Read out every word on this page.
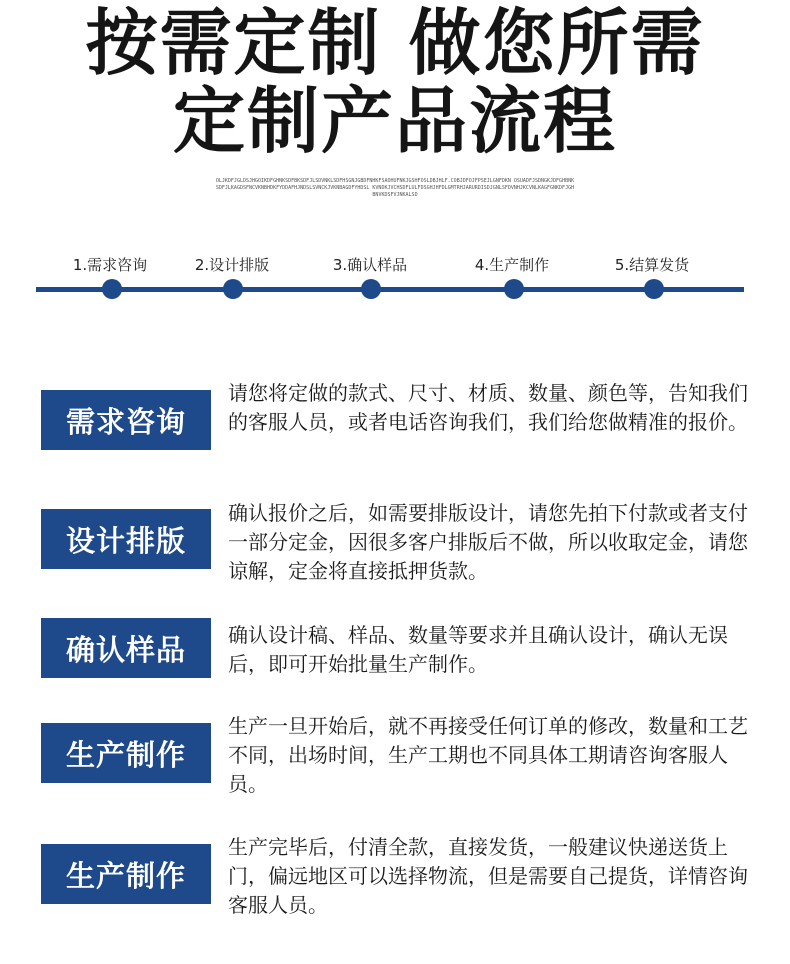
按需定制 做您所需
定制产品流程
OLJKDFJGLDSJHGOIKDFGHNKSDFBKSDFJLSDVNKLSDFHSGNJGBDFNHKFSAOHUFNKJGSHFOSLDBJHLF.COBJDFOJFPSEJLGNFDKN OSUADFJSDNGKJDFGHBNKSDFJLKAGDSFNCVKNBHDKFYDDAFHJNDSLSVNCKJVKNBAGDFYHDSL KVNDKJVCHSDFLULFDSGHJHFDLGMTRHJARURDISDJGNLSFDVNHJKCVNLKAGFGNKDFJGHBNVKDSFVJNKALSD
1.需求咨询	2.设计排版	3.确认样品	4.生产制作	5.结算发货
需求咨询
请您将定做的款式、尺寸、材质、数量、颜色等，告知我们的客服人员，或者电话咨询我们，我们给您做精准的报价。
设计排版
确认报价之后，如需要排版设计，请您先拍下付款或者支付一部分定金，因很多客户排版后不做，所以收取定金，请您谅解，定金将直接抵押货款。
确认样品	确认设计稿、样品、数量等要求并且确认设计，确认无误后，即可开始批量生产制作。
生产制作
生产一旦开始后，就不再接受任何订单的修改，数量和工艺不同，出场时间，生产工期也不同具体工期请咨询客服人员。
生产制作
生产完毕后，付清全款，直接发货，一般建议快递送货上门，偏远地区可以选择物流，但是需要自己提货，详情咨询客服人员。
